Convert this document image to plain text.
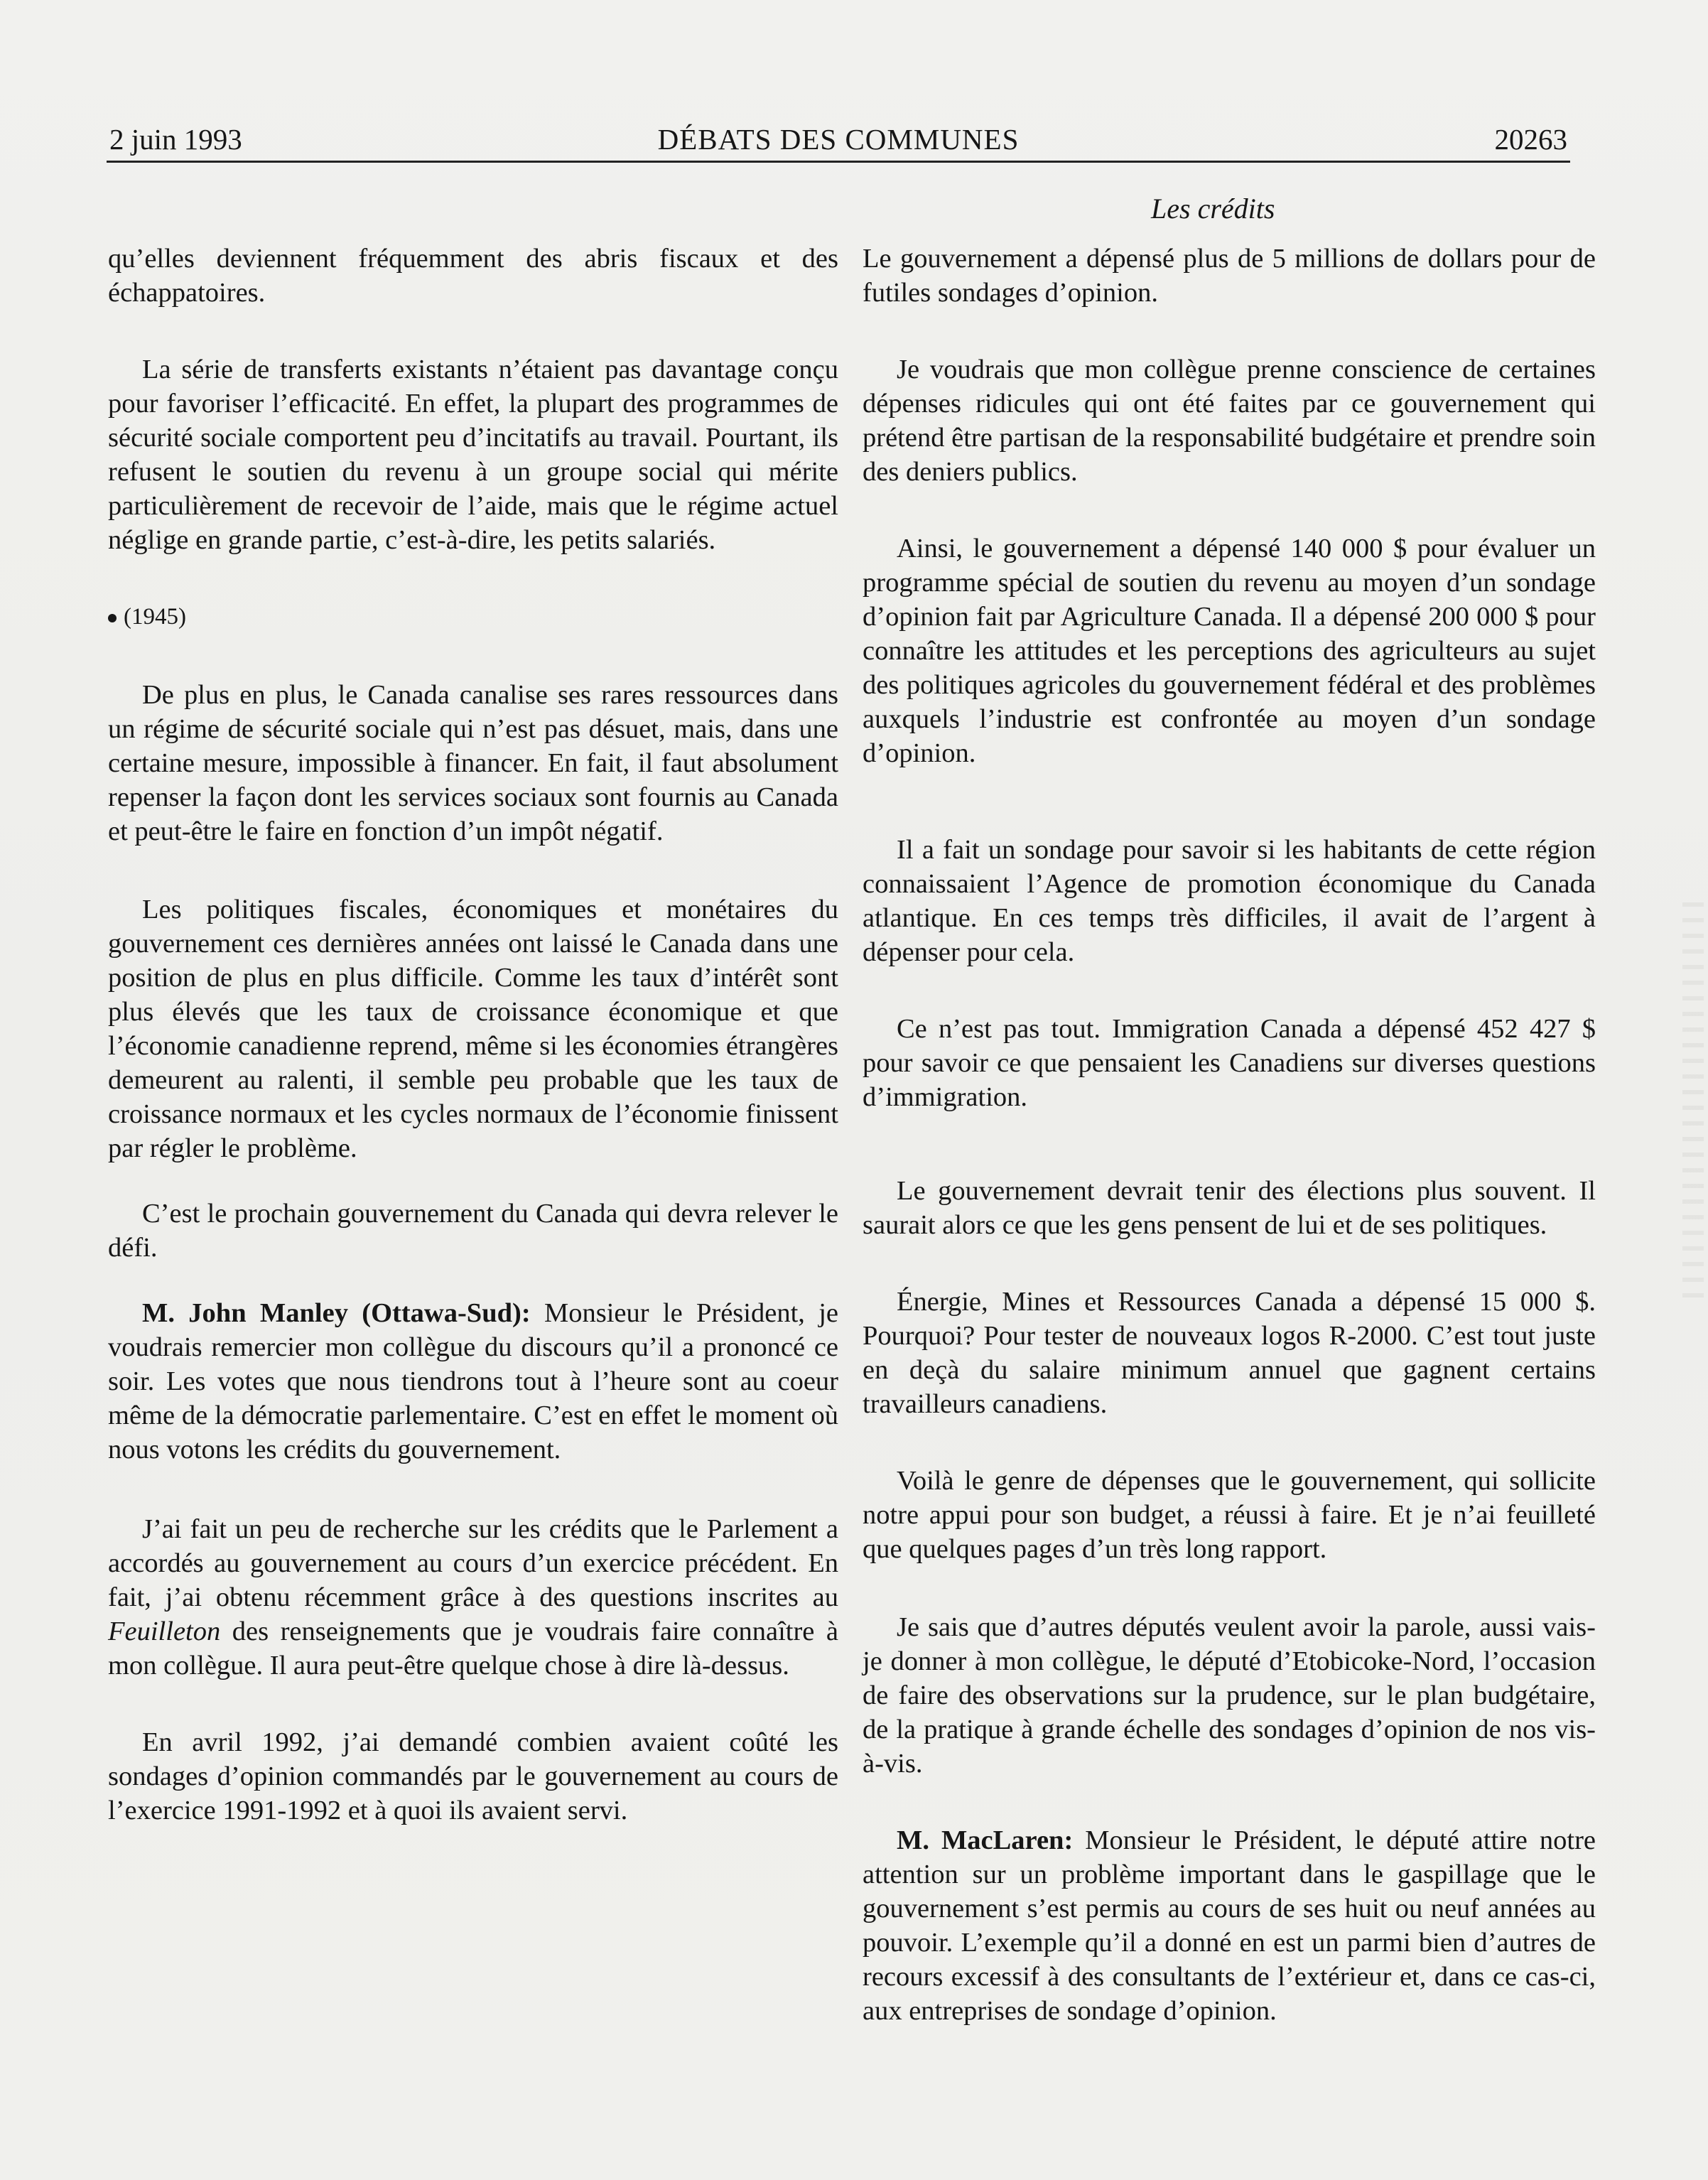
2 juin 1993	DÉBATS DES COMMUNES	20263
Les crédits

qu’elles deviennent fréquemment des abris fiscaux et des échappatoires.

La série de transferts existants n’étaient pas davantage conçu pour favoriser l’efficacité. En effet, la plupart des programmes de sécurité sociale comportent peu d’incitatifs au travail. Pourtant, ils refusent le soutien du revenu à un groupe social qui mérite particulièrement de recevoir de l’aide, mais que le régime actuel néglige en grande partie, c’est-à-dire, les petits salariés.

(1945)

De plus en plus, le Canada canalise ses rares ressources dans un régime de sécurité sociale qui n’est pas désuet, mais, dans une certaine mesure, impossible à financer. En fait, il faut absolument repenser la façon dont les services sociaux sont fournis au Canada et peut-être le faire en fonction d’un impôt négatif.

Les politiques fiscales, économiques et monétaires du gouvernement ces dernières années ont laissé le Canada dans une position de plus en plus difficile. Comme les taux d’intérêt sont plus élevés que les taux de croissance économique et que l’économie canadienne reprend, même si les économies étrangères demeurent au ralenti, il semble peu probable que les taux de croissance normaux et les cycles normaux de l’économie finissent par régler le problème.

C’est le prochain gouvernement du Canada qui devra relever le défi.

M. John Manley (Ottawa-Sud): Monsieur le Président, je voudrais remercier mon collègue du discours qu’il a prononcé ce soir. Les votes que nous tiendrons tout à l’heure sont au coeur même de la démocratie parlementaire. C’est en effet le moment où nous votons les crédits du gouvernement.

J’ai fait un peu de recherche sur les crédits que le Parlement a accordés au gouvernement au cours d’un exercice précédent. En fait, j’ai obtenu récemment grâce à des questions inscrites au Feuilleton des renseignements que je voudrais faire connaître à mon collègue. Il aura peut-être quelque chose à dire là-dessus.

En avril 1992, j’ai demandé combien avaient coûté les sondages d’opinion commandés par le gouvernement au cours de l’exercice 1991-1992 et à quoi ils avaient servi.

Le gouvernement a dépensé plus de 5 millions de dollars pour de futiles sondages d’opinion.

Je voudrais que mon collègue prenne conscience de certaines dépenses ridicules qui ont été faites par ce gouvernement qui prétend être partisan de la responsabilité budgétaire et prendre soin des deniers publics.

Ainsi, le gouvernement a dépensé 140 000 $ pour évaluer un programme spécial de soutien du revenu au moyen d’un sondage d’opinion fait par Agriculture Canada. Il a dépensé 200 000 $ pour connaître les attitudes et les perceptions des agriculteurs au sujet des politiques agricoles du gouvernement fédéral et des problèmes auxquels l’industrie est confrontée au moyen d’un sondage d’opinion.

Il a fait un sondage pour savoir si les habitants de cette région connaissaient l’Agence de promotion économique du Canada atlantique. En ces temps très difficiles, il avait de l’argent à dépenser pour cela.

Ce n’est pas tout. Immigration Canada a dépensé 452 427 $ pour savoir ce que pensaient les Canadiens sur diverses questions d’immigration.

Le gouvernement devrait tenir des élections plus souvent. Il saurait alors ce que les gens pensent de lui et de ses politiques.

Énergie, Mines et Ressources Canada a dépensé 15 000 $. Pourquoi? Pour tester de nouveaux logos R-2000. C’est tout juste en deçà du salaire minimum annuel que gagnent certains travailleurs canadiens.

Voilà le genre de dépenses que le gouvernement, qui sollicite notre appui pour son budget, a réussi à faire. Et je n’ai feuilleté que quelques pages d’un très long rapport.

Je sais que d’autres députés veulent avoir la parole, aussi vais-je donner à mon collègue, le député d’Etobicoke-Nord, l’occasion de faire des observations sur la prudence, sur le plan budgétaire, de la pratique à grande échelle des sondages d’opinion de nos vis-à-vis.

M. MacLaren: Monsieur le Président, le député attire notre attention sur un problème important dans le gaspillage que le gouvernement s’est permis au cours de ses huit ou neuf années au pouvoir. L’exemple qu’il a donné en est un parmi bien d’autres de recours excessif à des consultants de l’extérieur et, dans ce cas-ci, aux entreprises de sondage d’opinion.
